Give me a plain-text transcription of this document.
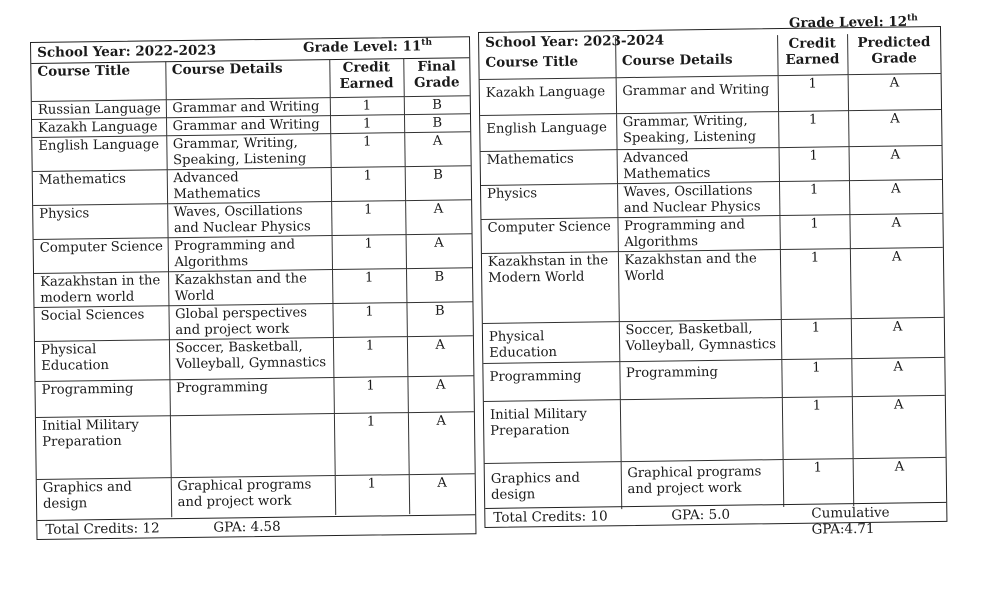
School Year: 2022-2023	Grade Level: 11th
Course Title	Course Details	Credit Earned	Final Grade
Russian Language	Grammar and Writing	1	B
Kazakh Language	Grammar and Writing	1	B
English Language	Grammar, Writing, Speaking, Listening	1	A
Mathematics	Advanced Mathematics	1	B
Physics	Waves, Oscillations and Nuclear Physics	1	A
Computer Science	Programming and Algorithms	1	A
Kazakhstan in the modern world	Kazakhstan and the World	1	B
Social Sciences	Global perspectives and project work	1	B
Physical Education	Soccer, Basketball, Volleyball, Gymnastics	1	A
Programming	Programming	1	A
Initial Military Preparation		1	A
Graphics and design	Graphical programs and project work	1	A
Total Credits: 12	GPA: 4.58
School Year: 2023-2024
Grade Level: 12th
Course Title	Course Details	Credit Earned	Predicted Grade
Kazakh Language	Grammar and Writing	1	A
English Language	Grammar, Writing, Speaking, Listening	1	A
Mathematics	Advanced Mathematics	1	A
Physics	Waves, Oscillations and Nuclear Physics	1	A
Computer Science	Programming and Algorithms	1	A
Kazakhstan in the Modern World	Kazakhstan and the World	1	A
Physical Education	Soccer, Basketball, Volleyball, Gymnastics	1	A
Programming	Programming	1	A
Initial Military Preparation		1	A
Graphics and design	Graphical programs and project work	1	A
Total Credits: 10	GPA: 5.0	Cumulative GPA:4.71
